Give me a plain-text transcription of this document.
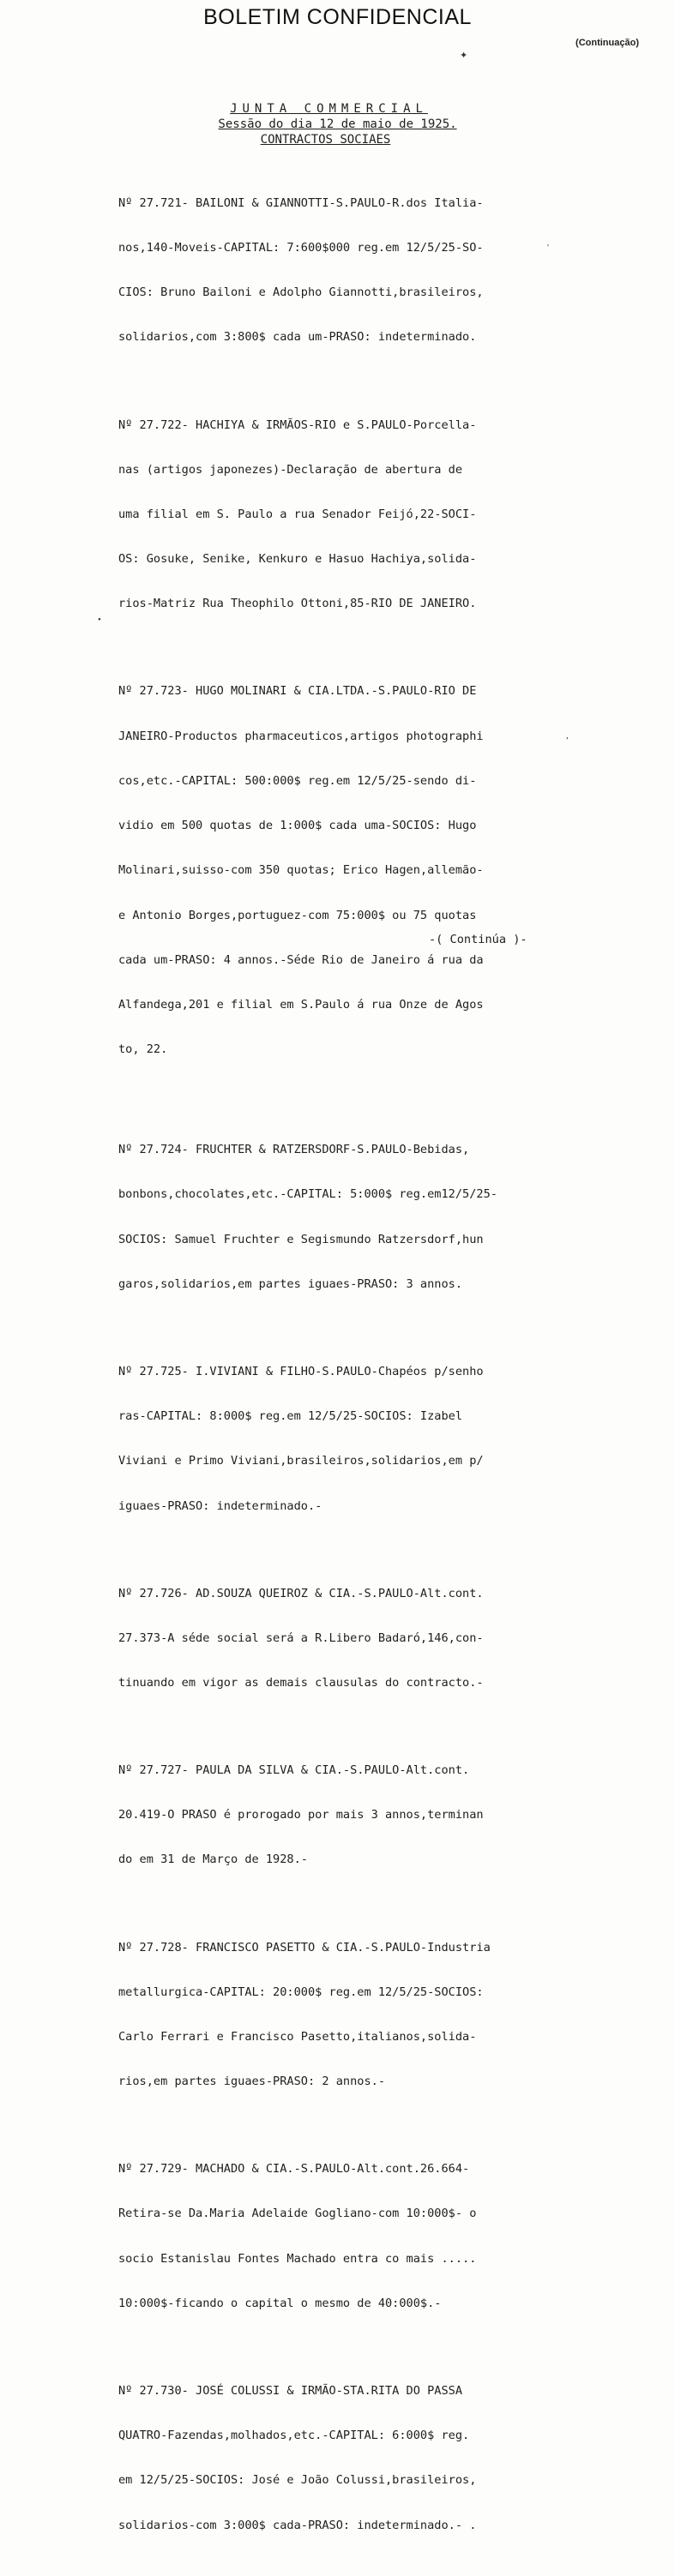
BOLETIM CONFIDENCIAL
(Continuação)
✦
JUNTA COMMERCIAL
Sessão do dia 12 de maio de 1925.
CONTRACTOS SOCIAES

Nº 27.721- BAILONI & GIANNOTTI-S.PAULO-R.dos Italia-

nos,140-Moveis-CAPITAL: 7:600$000 reg.em 12/5/25-SO-

CIOS: Bruno Bailoni e Adolpho Giannotti,brasileiros,

solidarios,com 3:800$ cada um-PRASO: indeterminado.

Nº 27.722- HACHIYA & IRMÃOS-RIO e S.PAULO-Porcella-

nas (artigos japonezes)-Declaração de abertura de

uma filial em S. Paulo a rua Senador Feijó,22-SOCI-

OS: Gosuke, Senike, Kenkuro e Hasuo Hachiya,solida-

rios-Matriz Rua Theophilo Ottoni,85-RIO DE JANEIRO.

Nº 27.723- HUGO MOLINARI & CIA.LTDA.-S.PAULO-RIO DE

JANEIRO-Productos pharmaceuticos,artigos photographi

cos,etc.-CAPITAL: 500:000$ reg.em 12/5/25-sendo di-

vidio em 500 quotas de 1:000$ cada uma-SOCIOS: Hugo

Molinari,suisso-com 350 quotas; Erico Hagen,allemão-

e Antonio Borges,portuguez-com 75:000$ ou 75 quotas

cada um-PRASO: 4 annos.-Séde Rio de Janeiro á rua da

Alfandega,201 e filial em S.Paulo á rua Onze de Agos

to, 22.

Nº 27.724- FRUCHTER & RATZERSDORF-S.PAULO-Bebidas,

bonbons,chocolates,etc.-CAPITAL: 5:000$ reg.em12/5/25-

SOCIOS: Samuel Fruchter e Segismundo Ratzersdorf,hun

garos,solidarios,em partes iguaes-PRASO: 3 annos.

Nº 27.725- I.VIVIANI & FILHO-S.PAULO-Chapéos p/senho

ras-CAPITAL: 8:000$ reg.em 12/5/25-SOCIOS: Izabel

Viviani e Primo Viviani,brasileiros,solidarios,em p/

iguaes-PRASO: indeterminado.-

Nº 27.726- AD.SOUZA QUEIROZ & CIA.-S.PAULO-Alt.cont.

27.373-A séde social será a R.Libero Badaró,146,con-

tinuando em vigor as demais clausulas do contracto.-

Nº 27.727- PAULA DA SILVA & CIA.-S.PAULO-Alt.cont.

20.419-O PRASO é prorogado por mais 3 annos,terminan

do em 31 de Março de 1928.-

Nº 27.728- FRANCISCO PASETTO & CIA.-S.PAULO-Industria

metallurgica-CAPITAL: 20:000$ reg.em 12/5/25-SOCIOS:

Carlo Ferrari e Francisco Pasetto,italianos,solida-

rios,em partes iguaes-PRASO: 2 annos.-

Nº 27.729- MACHADO & CIA.-S.PAULO-Alt.cont.26.664-

Retira-se Da.Maria Adelaide Gogliano-com 10:000$- o

socio Estanislau Fontes Machado entra co mais .....

10:000$-ficando o capital o mesmo de 40:000$.-

Nº 27.730- JOSÉ COLUSSI & IRMÃO-STA.RITA DO PASSA

QUATRO-Fazendas,molhados,etc.-CAPITAL: 6:000$ reg.

em 12/5/25-SOCIOS: José e João Colussi,brasileiros,

solidarios-com 3:000$ cada-PRASO: indeterminado.- .

-( Continúa )-
•
'
,
